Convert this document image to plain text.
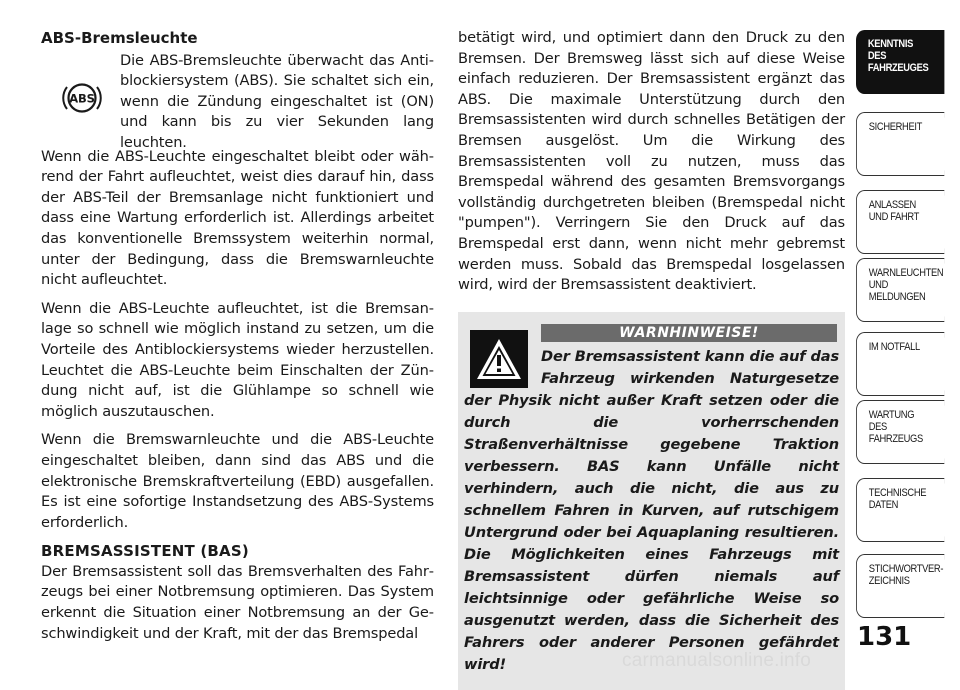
ABS-Bremsleuchte
ABS

Die ABS-Bremsleuchte überwacht das Antiblockiersystem (ABS). Sie schaltet sich ein, wenn die Zündung eingeschaltet ist (ON) und kann bis zu vier Sekunden lang leuchten.

Wenn die ABS-Leuchte eingeschaltet bleibt oder während der Fahrt aufleuchtet, weist dies darauf hin, dass der ABS-Teil der Bremsanlage nicht funktioniert und dass eine Wartung erforderlich ist. Allerdings arbeitet das konventionelle Bremssystem weiterhin normal, unter der Bedingung, dass die Bremswarnleuchte nicht aufleuchtet.

Wenn die ABS-Leuchte aufleuchtet, ist die Bremsanlage so schnell wie möglich instand zu setzen, um die Vorteile des Antiblockiersystems wieder herzustellen. Leuchtet die ABS-Leuchte beim Einschalten der Zündung nicht auf, ist die Glühlampe so schnell wie möglich auszutauschen.

Wenn die Bremswarnleuchte und die ABS-Leuchte eingeschaltet bleiben, dann sind das ABS und die elektronische Bremskraftverteilung (EBD) ausgefallen. Es ist eine sofortige Instandsetzung des ABS-Systems erforderlich.

BREMSASSISTENT (BAS)

Der Bremsassistent soll das Bremsverhalten des Fahrzeugs bei einer Notbremsung optimieren. Das System erkennt die Situation einer Notbremsung an der Geschwindigkeit und der Kraft, mit der das Bremspedal

betätigt wird, und optimiert dann den Druck zu den Bremsen. Der Bremsweg lässt sich auf diese Weise einfach reduzieren. Der Bremsassistent ergänzt das ABS. Die maximale Unterstützung durch den Bremsassistenten wird durch schnelles Betätigen der Bremsen ausgelöst. Um die Wirkung des Bremsassistenten voll zu nutzen, muss das Bremspedal während des gesamten Bremsvorgangs vollständig durchgetreten bleiben (Bremspedal nicht "pumpen"). Verringern Sie den Druck auf das Bremspedal erst dann, wenn nicht mehr gebremst werden muss. Sobald das Bremspedal losgelassen wird, wird der Bremsassistent deaktiviert.

WARNHINWEISE!
Der Bremsassistent kann die auf das Fahrzeug wirkenden Naturgesetze der Physik nicht außer Kraft setzen oder die durch die vorherrschenden Straßenverhältnisse gegebene Traktion verbessern. BAS kann Unfälle nicht verhindern, auch die nicht, die aus zu schnellem Fahren in Kurven, auf rutschigem Untergrund oder bei Aquaplaning resultieren. Die Möglichkeiten eines Fahrzeugs mit Bremsassistent dürfen niemals auf leichtsinnige oder gefährliche Weise so ausgenutzt werden, dass die Sicherheit des Fahrers oder anderer Personen gefährdet wird!
KENNTNIS
DES
FAHRZEUGES
SICHERHEIT
ANLASSEN
UND FAHRT
WARNLEUCHTEN
UND
MELDUNGEN
IM NOTFALL
WARTUNG
DES
FAHRZEUGS
TECHNISCHE
DATEN
STICHWORTVER-
ZEICHNIS
131
carmanualsonline.info
